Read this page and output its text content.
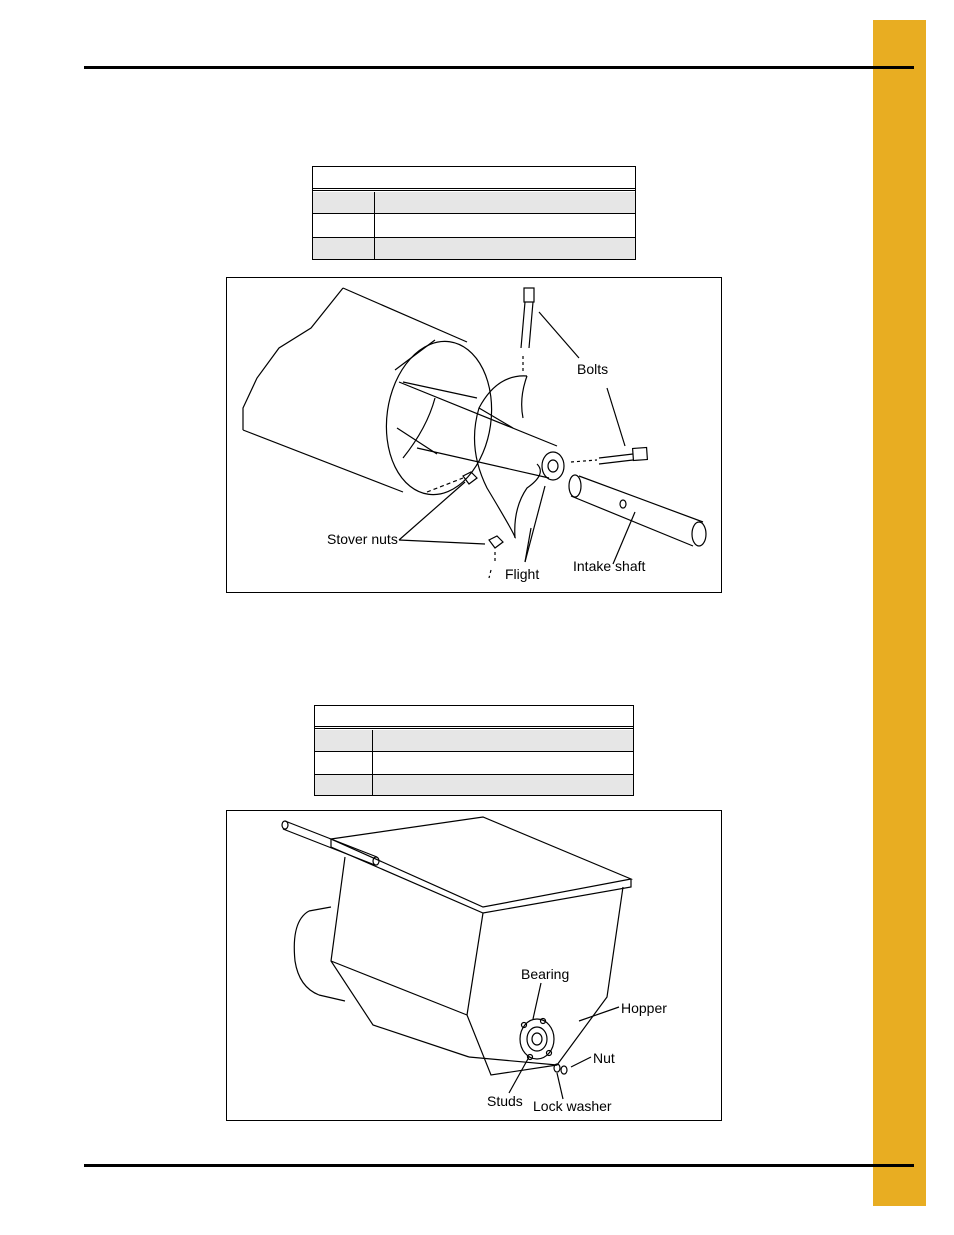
Bolts
Stover nuts
Flight Intake shaft
Bearing
Hopper
Nut
Studs Lock washer
